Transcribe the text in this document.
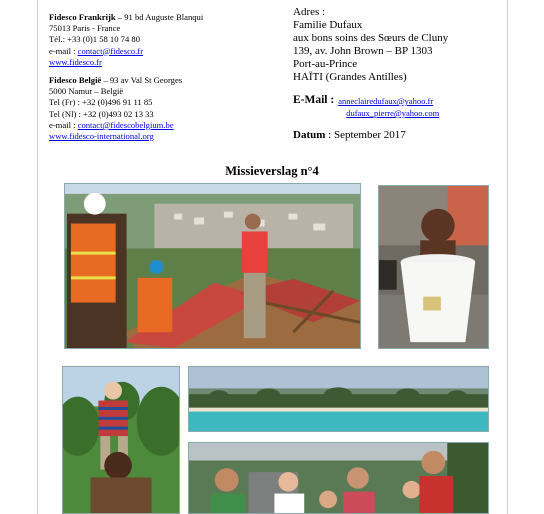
Fidesco Frankrijk – 91 bd Auguste Blanqui
75013 Paris - France
Tél.: +33 (0)1 58 10 74 80
e-mail : contact@fidesco.fr
www.fidesco.fr
Fidesco België – 93 av Val St Georges
5000 Namur – België
Tel (Fr) : +32 (0)496 91 11 85
Tel (Nl) : +32 (0)493 02 13 33
e-mail : contact@fidescobelgium.be
www.fidesco-international.org
Adres :
Familie Dufaux
aux bons soins des Sœurs de Cluny
139, av. John Brown – BP 1303
Port-au-Prince
HAÏTI (Grandes Antilles)
E-Mail : anneclairedufaux@yahoo.fr
dufaux_pierre@yahoo.com
Datum : September 2017
Missieverslag n°4
